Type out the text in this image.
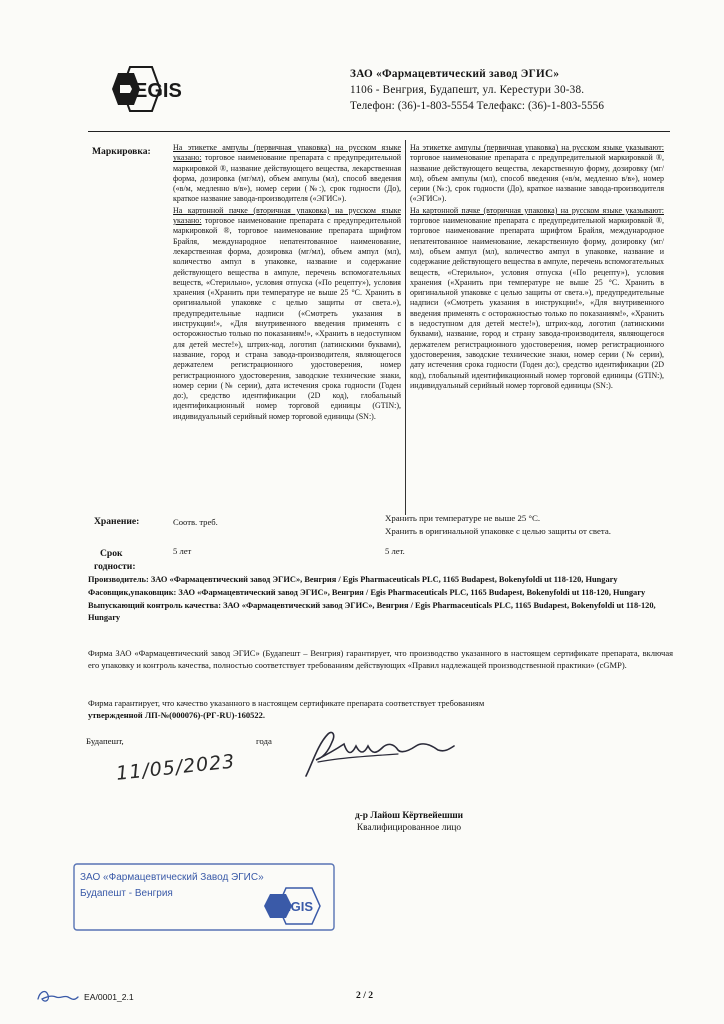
EGIS
ЗАО «Фармацевтический завод ЭГИС»
1106 - Венгрия, Будапешт, ул. Керестури 30-38.
Телефон: (36)-1-803-5554 Телефакс: (36)-1-803-5556
Маркировка:	На этикетке ампулы (первичная упаковка) на русском языке указано: торговое наименование препарата с предупредительной маркировкой ®, название действующего вещества, лекарственная форма, дозировка (мг/мл), объем ампулы (мл), способ введения («в/м, медленно в/в»), номер серии (№:), срок годности (До), краткое название завода-производителя («ЭГИС»).

На картонной пачке (вторичная упаковка) на русском языке указано: торговое наименование препарата с предупредительной маркировкой ®, торговое наименование препарата шрифтом Брайля, международное непатентованное наименование, лекарственная форма, дозировка (мг/мл), объем ампул (мл), количество ампул в упаковке, название и содержание действующего вещества в ампуле, перечень вспомогательных веществ, «Стерильно», условия отпуска («По рецепту»), условия хранения («Хранить при температуре не выше 25 °С. Хранить в оригинальной упаковке с целью защиты от света.»), предупредительные надписи («Смотреть указания в инструкции!», «Для внутривенного введения применять с осторожностью только по показаниям!», «Хранить в недоступном для детей месте!»), штрих-код, логотип (латинскими буквами), название, город и страна завода-производителя, являющегося держателем регистрационного удостоверения, номер регистрационного удостоверения, заводские технические знаки, номер серии (№ серии), дата истечения срока годности (Годен до:), средство идентификации (2D код), глобальный идентификационный номер торговой единицы (GTIN:), индивидуальный серийный номер торговой единицы (SN:).

На этикетке ампулы (первичная упаковка) на русском языке указывают: торговое наименование препарата с предупредительной маркировкой ®, название действующего вещества, лекарственную форму, дозировку (мг/мл), объем ампулы (мл), способ введения («в/м, медленно в/в»), номер серии (№:), срок годности (До), краткое название завода-производителя («ЭГИС»).

На картонной пачке (вторичная упаковка) на русском языке указывают: торговое наименование препарата с предупредительной маркировкой ®, торговое наименование препарата шрифтом Брайля, международное непатентованное наименование, лекарственную форму, дозировку (мг/мл), объем ампул (мл), количество ампул в упаковке, название и содержание действующего вещества в ампуле, перечень вспомогательных веществ, «Стерильно», условия отпуска («По рецепту»), условия хранения («Хранить при температуре не выше 25 °С. Хранить в оригинальной упаковке с целью защиты от света.»), предупредительные надписи («Смотреть указания в инструкции!», «Для внутривенного введения применять с осторожностью только по показаниям!», «Хранить в недоступном для детей месте!»), штрих-код, логотип (латинскими буквами), название, город и страну завода-производителя, являющегося держателем регистрационного удостоверения, номер регистрационного удостоверения, заводские технические знаки, номер серии (№ серии), дату истечения срока годности (Годен до:), средство идентификации (2D код), глобальный идентификационный номер торговой единицы (GTIN:), индивидуальный серийный номер торговой единицы (SN:).

Хранение:	Соотв. треб.	Хранить при температуре не выше 25 °С.
Хранить в оригинальной упаковке с целью защиты от света.
Срок
годности:
5 лет	5 лет.
Производитель: ЗАО «Фармацевтический завод ЭГИС», Венгрия / Egis Pharmaceuticals PLC, 1165 Budapest, Bokenyfoldi ut 118-120, Hungary
Фасовщик,упаковщик: ЗАО «Фармацевтический завод ЭГИС», Венгрия / Egis Pharmaceuticals PLC, 1165 Budapest, Bokenyfoldi ut 118-120, Hungary
Выпускающий контроль качества: ЗАО «Фармацевтический завод ЭГИС», Венгрия / Egis Pharmaceuticals PLC, 1165 Budapest, Bokenyfoldi ut 118-120, Hungary
Фирма ЗАО «Фармацевтический завод ЭГИС» (Будапешт – Венгрия) гарантирует, что производство указанного в настоящем сертификате препарата, включая его упаковку и контроль качества, полностью соответствует требованиям действующих «Правил надлежащей производственной практики» (cGMP).
Фирма гарантирует, что качество указанного в настоящем сертификате препарата соответствует требованиям
утвержденной ЛП-№(000076)-(РГ-RU)-160522.
Будапешт,	года
11/05/2023
д-р Лайош Кёртвейешши
Квалифицированное лицо
ЗАО «Фармацевтический Завод ЭГИС»
Будапешт - Венгрия
EGIS
EA/0001_2.1	2 / 2
